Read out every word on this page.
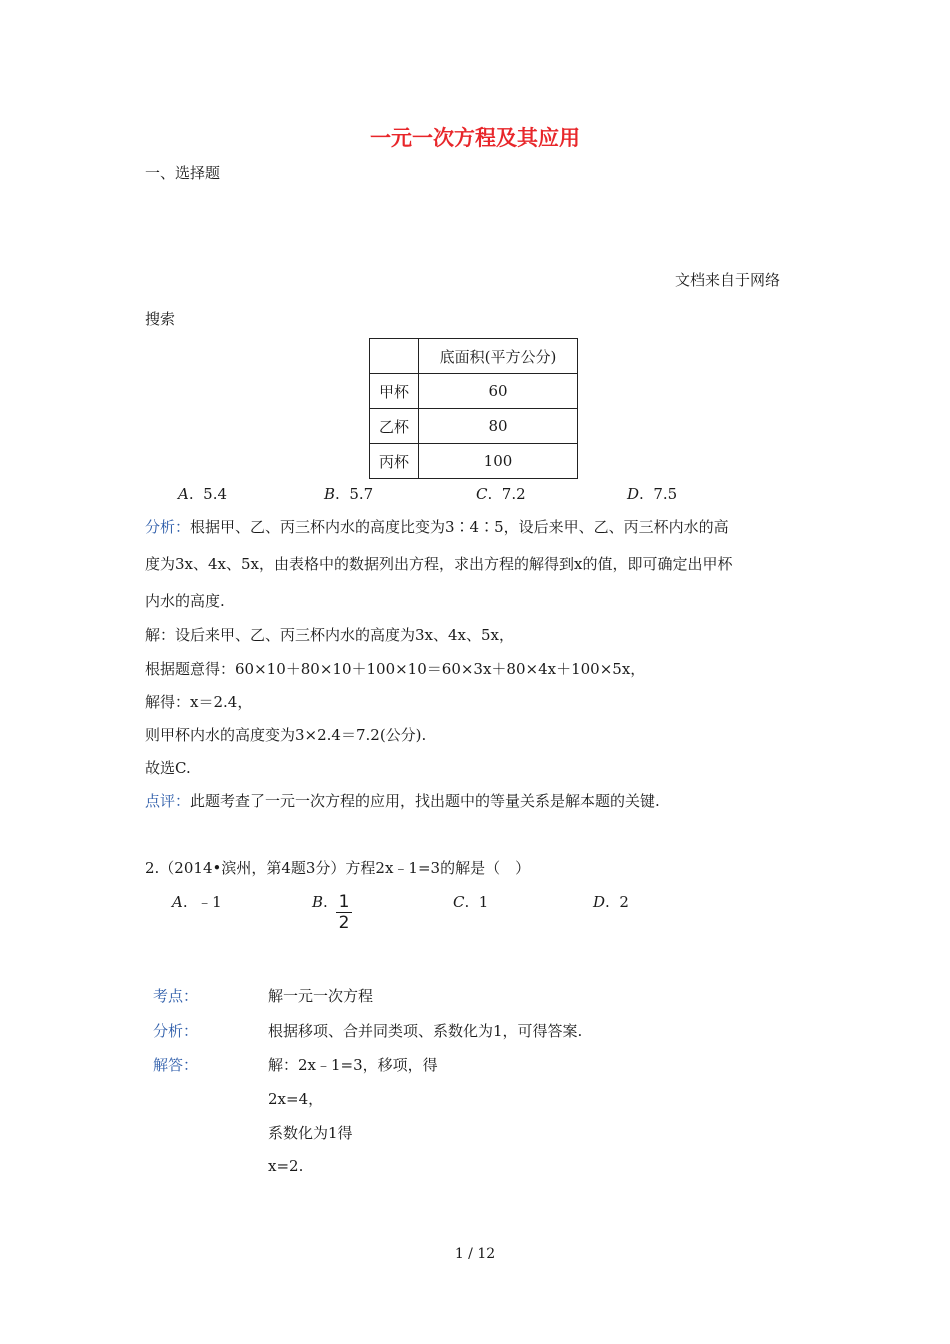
一元一次方程及其应用
一、选择题
文档来自于网络
搜索
	底面积(平方公分)
甲杯	60
乙杯	80
丙杯	100
A.  5.4	B.  5.7	C.  7.2	D.  7.5
分析：根据甲、乙、丙三杯内水的高度比变为3∶4∶5，设后来甲、乙、丙三杯内水的高
度为3x、4x、5x，由表格中的数据列出方程，求出方程的解得到x的值，即可确定出甲杯
内水的高度.
解：设后来甲、乙、丙三杯内水的高度为3x、4x、5x，
根据题意得：60×10＋80×10＋100×10＝60×3x＋80×4x＋100×5x，
解得：x＝2.4，
则甲杯内水的高度变为3×2.4＝7.2(公分).
故选C.
点评：此题考查了一元一次方程的应用，找出题中的等量关系是解本题的关键.
2.（2014•滨州，第4题3分）方程2x﹣1=3的解是（　）
A.  ﹣1	B. 1
2
C.  1	D.  2
考点：	解一元一次方程
分析：	根据移项、合并同类项、系数化为1，可得答案.
解答：	解：2x﹣1=3，移项，得
2x=4，
系数化为1得
x=2.
1 / 12
